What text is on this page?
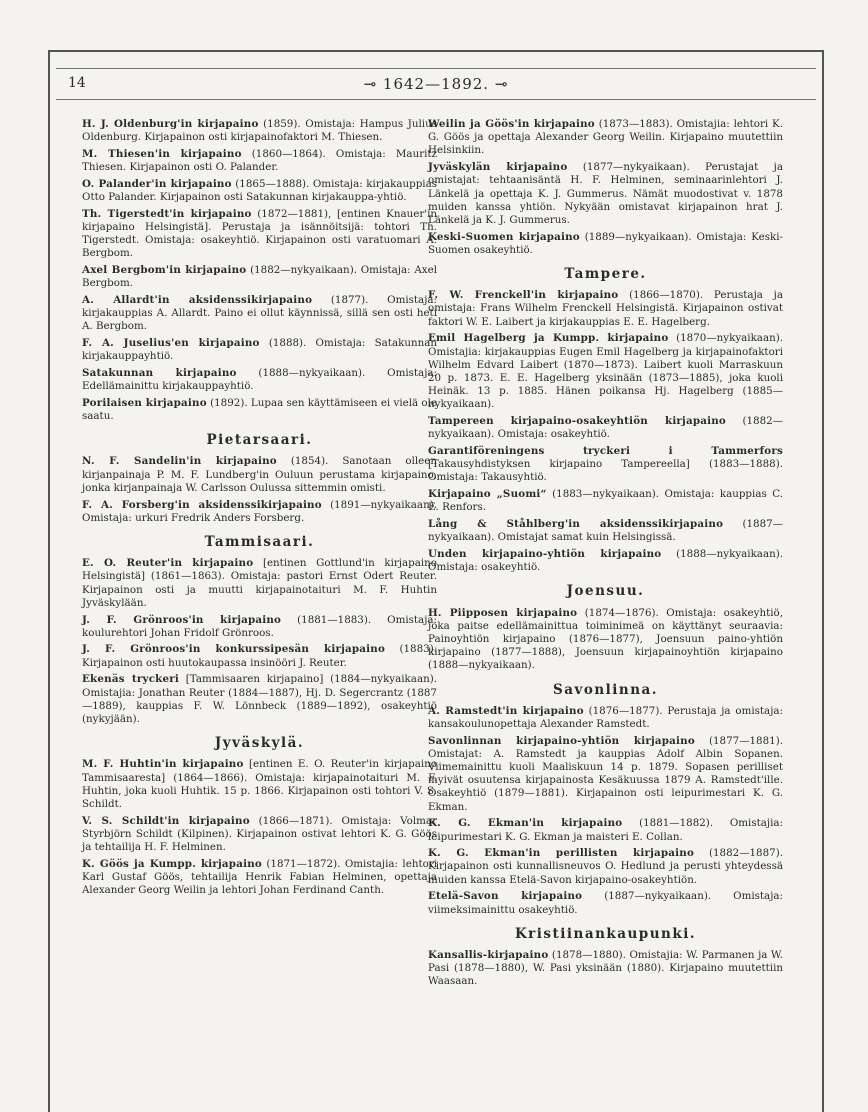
14	⊸ 1642—1892. ⊸

H. J. Oldenburg'in kirjapaino (1859). Omistaja: Hampus Julius Oldenburg. Kirjapainon osti kirjapainofaktori M. Thiesen.

M. Thiesen'in kirjapaino (1860—1864). Omistaja: Mauritz Thiesen. Kirjapainon osti O. Palander.

O. Palander'in kirjapaino (1865—1888). Omistaja: kirjakauppias Otto Palander. Kirjapainon osti Satakunnan kirjakauppa-yhtiö.

Th. Tigerstedt'in kirjapaino (1872—1881), [entinen Knauer'in kirjapaino Helsingistä]. Perustaja ja isännöitsijä: tohtori Th. Tigerstedt. Omistaja: osakeyhtiö. Kirjapainon osti varatuomari A. Bergbom.

Axel Bergbom'in kirjapaino (1882—nykyaikaan). Omistaja: Axel Bergbom.

A. Allardt'in aksidenssikirjapaino (1877). Omistaja: kirjakauppias A. Allardt. Paino ei ollut käynnissä, sillä sen osti heti A. Bergbom.

F. A. Juselius'en kirjapaino (1888). Omistaja: Satakunnan kirjakauppayhtiö.

Satakunnan kirjapaino (1888—nykyaikaan). Omistaja: Edellämainittu kirjakauppayhtiö.

Porilaisen kirjapaino (1892). Lupaa sen käyttämiseen ei vielä ole saatu.

Pietarsaari.

N. F. Sandelin'in kirjapaino (1854). Sanotaan olleen kirjanpainaja P. M. F. Lundberg'in Ouluun perustama kirjapaino, jonka kirjanpainaja W. Carlsson Oulussa sittemmin omisti.

F. A. Forsberg'in aksidenssikirjapaino (1891—nykyaikaan). Omistaja: urkuri Fredrik Anders Forsberg.

Tammisaari.

E. O. Reuter'in kirjapaino [entinen Gottlund'in kirjapaino Helsingistä] (1861—1863). Omistaja: pastori Ernst Odert Reuter. Kirjapainon osti ja muutti kirjapainotaituri M. F. Huhtin Jyväskylään.

J. F. Grönroos'in kirjapaino (1881—1883). Omistaja: koulurehtori Johan Fridolf Grönroos.

J. F. Grönroos'in konkurssipesän kirjapaino (1883). Kirjapainon osti huutokaupassa insinööri J. Reuter.

Ekenäs tryckeri [Tammisaaren kirjapaino] (1884—nykyaikaan). Omistajia: Jonathan Reuter (1884—1887), Hj. D. Segercrantz (1887—1889), kauppias F. W. Lönnbeck (1889—1892), osakeyhtiö (nykyjään).

Jyväskylä.

M. F. Huhtin'in kirjapaino [entinen E. O. Reuter'in kirjapaino Tammisaaresta] (1864—1866). Omistaja: kirjapainotaituri M. F. Huhtin, joka kuoli Huhtik. 15 p. 1866. Kirjapainon osti tohtori V. S. Schildt.

V. S. Schildt'in kirjapaino (1866—1871). Omistaja: Volmar Styrbjörn Schildt (Kilpinen). Kirjapainon ostivat lehtori K. G. Göös ja tehtailija H. F. Helminen.

K. Göös ja Kumpp. kirjapaino (1871—1872). Omistajia: lehtori Karl Gustaf Göös, tehtailija Henrik Fabian Helminen, opettaja Alexander Georg Weilin ja lehtori Johan Ferdinand Canth.

Weilin ja Göös'in kirjapaino (1873—1883). Omistajia: lehtori K. G. Göös ja opettaja Alexander Georg Weilin. Kirjapaino muutettiin Helsinkiin.

Jyväskylän kirjapaino (1877—nykyaikaan). Perustajat ja omistajat: tehtaanisäntä H. F. Helminen, seminaarinlehtori J. Länkelä ja opettaja K. J. Gummerus. Nämät muodostivat v. 1878 muiden kanssa yhtiön. Nykyään omistavat kirjapainon hrat J. Länkelä ja K. J. Gummerus.

Keski-Suomen kirjapaino (1889—nykyaikaan). Omistaja: Keski-Suomen osakeyhtiö.

Tampere.

F. W. Frenckell'in kirjapaino (1866—1870). Perustaja ja omistaja: Frans Wilhelm Frenckell Helsingistä. Kirjapainon ostivat faktori W. E. Laibert ja kirjakauppias E. E. Hagelberg.

Emil Hagelberg ja Kumpp. kirjapaino (1870—nykyaikaan). Omistajia: kirjakauppias Eugen Emil Hagelberg ja kirjapainofaktori Wilhelm Edvard Laibert (1870—1873). Laibert kuoli Marraskuun 20 p. 1873. E. E. Hagelberg yksinään (1873—1885), joka kuoli Heinäk. 13 p. 1885. Hänen poikansa Hj. Hagelberg (1885—nykyaikaan).

Tampereen kirjapaino-osakeyhtiön kirjapaino (1882—nykyaikaan). Omistaja: osakeyhtiö.

Garantiföreningens tryckeri i Tammerfors [Takausyhdistyksen kirjapaino Tampereella] (1883—1888). Omistaja: Takausyhtiö.

Kirjapaino „Suomi“ (1883—nykyaikaan). Omistaja: kauppias C. E. Renfors.

Lång & Ståhlberg'in aksidenssikirjapaino (1887—nykyaikaan). Omistajat samat kuin Helsingissä.

Unden kirjapaino-yhtiön kirjapaino (1888—nykyaikaan). Omistaja: osakeyhtiö.

Joensuu.

H. Piipposen kirjapaino (1874—1876). Omistaja: osakeyhtiö, joka paitse edellämainittua toiminimeä on käyttänyt seuraavia: Painoyhtiön kirjapaino (1876—1877), Joensuun paino-yhtiön kirjapaino (1877—1888), Joensuun kirjapainoyhtiön kirjapaino (1888—nykyaikaan).

Savonlinna.

A. Ramstedt'in kirjapaino (1876—1877). Perustaja ja omistaja: kansakoulunopettaja Alexander Ramstedt.

Savonlinnan kirjapaino-yhtiön kirjapaino (1877—1881). Omistajat: A. Ramstedt ja kauppias Adolf Albin Sopanen. Viimemainittu kuoli Maaliskuun 14 p. 1879. Sopasen perilliset myivät osuutensa kirjapainosta Kesäkuussa 1879 A. Ramstedt'ille. Osakeyhtiö (1879—1881). Kirjapainon osti leipurimestari K. G. Ekman.

K. G. Ekman'in kirjapaino (1881—1882). Omistajia: leipurimestari K. G. Ekman ja maisteri E. Collan.

K. G. Ekman'in perillisten kirjapaino (1882—1887). Kirjapainon osti kunnallisneuvos O. Hedlund ja perusti yhteydessä muiden kanssa Etelä-Savon kirjapaino-osakeyhtiön.

Etelä-Savon kirjapaino (1887—nykyaikaan). Omistaja: viimeksimainittu osakeyhtiö.

Kristiinankaupunki.

Kansallis-kirjapaino (1878—1880). Omistajia: W. Parmanen ja W. Pasi (1878—1880), W. Pasi yksinään (1880). Kirjapaino muutettiin Waasaan.
